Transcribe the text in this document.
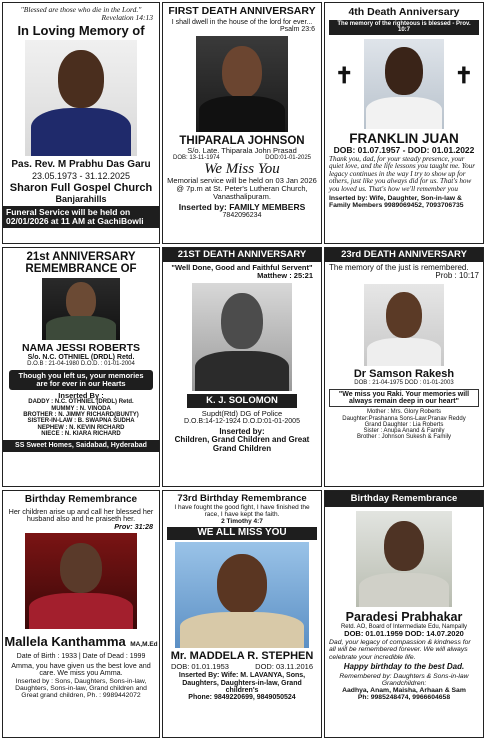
"Blessed are those who die in the Lord."

Revelation 14:13

In Loving Memory of

Pas. Rev. M Prabhu Das Garu

23.05.1973 - 31.12.2025

Sharon Full Gospel Church

Banjarahills

Funeral Service will be held on 02/01/2026 at 11 AM at GachiBowli

FIRST DEATH ANNIVERSARY

I shall dwell in the house of the lord for ever...

Psalm 23:6

THIPARALA JOHNSON

S/o. Late. Thiparala John Prasad

DOB: 13-11-1974	DOD:01-01-2025

We Miss You

Memorial service will be held on 03 Jan 2026 @ 7p.m at St. Peter's Lutheran Church, Vanasthalipuram.

Inserted by: FAMILY MEMBERS

7842096234

4th Death Anniversary

The memory of the righteous is blessed - Prov. 10:7

✝	✝

FRANKLIN JUAN

DOB: 01.07.1957 - DOD: 01.01.2022

Thank you, dad, for your steady presence, your quiet love, and the life lessons you taught me. Your legacy continues in the way I try to show up for others, just like you always did for us. That's how you loved us. That's how we'll remember you

Inserted by: Wife, Daughter, Son-in-law & Family Members 9989069452, 7093706735

21st ANNIVERSARY

REMEMBRANCE OF

NAMA JESSI ROBERTS

S/o. N.C. OTHNIEL (DRDL) Retd.

D.O.B : 21-04-1980 D.O.D. : 01-01-2004

Though you left us, your memories are for ever in our Hearts

Inserted By :

DADDY : N.C. OTHNIEL (DRDL) Retd.

MUMMY : N. VINODA

BROTHER : N. JIMMY RICHARD(BUNTY)

SISTER-IN-LAW : B. SWAPNA SUDHA

NEPHEW : N. KEVIN RICHARD

NIECE : N. KIARA RICHARD

SS Sweet Homes, Saidabad, Hyderabad

21ST DEATH ANNIVERSARY

"Well Done, Good and Faithful Servent"

Matthew : 25:21

K. J. SOLOMON

Supdt(Rtd) DG of Police

D.O.B:14-12-1924 D.O.D:01-01-2005

Inserted by:

Children, Grand Children and Great Grand Children

23rd DEATH ANNIVERSARY

The memory of the just is remembered.

Prob : 10:17

Dr Samson Rakesh

DOB : 21-04-1975 DOD : 01-01-2003

"We miss you Raki. Your memories will always remain deep in our heart"

Mother : Mrs. Glory Roberts

Daughter:Prashanna Sons-Law:Pranav Reddy

Grand Daughter : Lia Roberts

Sister : Anupa Anand & Family

Brother : Johnson Sukesh & Family

Birthday Remembrance

Her children arise up and call her blessed her husband also and he praiseth her.

Prov: 31:28

Mallela Kanthamma MA,M.Ed

Date of Birth : 1933 | Date of Dead : 1999

Amma, you have given us the best love and care. We miss you Amma.

Inserted by : Sons, Daughters, Sons-in-law, Daughters, Sons-in-law, Grand children and Great grand children, Ph. : 9989442072

73rd Birthday Remembrance

I have fought the good fight, I have finished the race, I have kept the faith.

2 Timothy 4:7

WE ALL MISS YOU

Mr. MADDELA R. STEPHEN

DOB: 01.01.1953	DOD: 03.11.2016

Inserted By: Wife: M. LAVANYA, Sons, Daughters, Daughters-in-law, Grand children's

Phone: 9849220699, 9849050524

Birthday Remembrance

Paradesi Prabhakar

Retd. AO, Board of Intermediate Edu, Nampally

DOB: 01.01.1959 DOD: 14.07.2020

Dad, your legacy of compassion & kindness for all will be remembered forever. We will always celebrate your incredible life.

Happy birthday to the best Dad.

Remembered by: Daughters & Sons-in-law

Grandchildren:

Aadhya, Anam, Maisha, Arhaan & Sam

Ph: 9985248474, 9966604658
